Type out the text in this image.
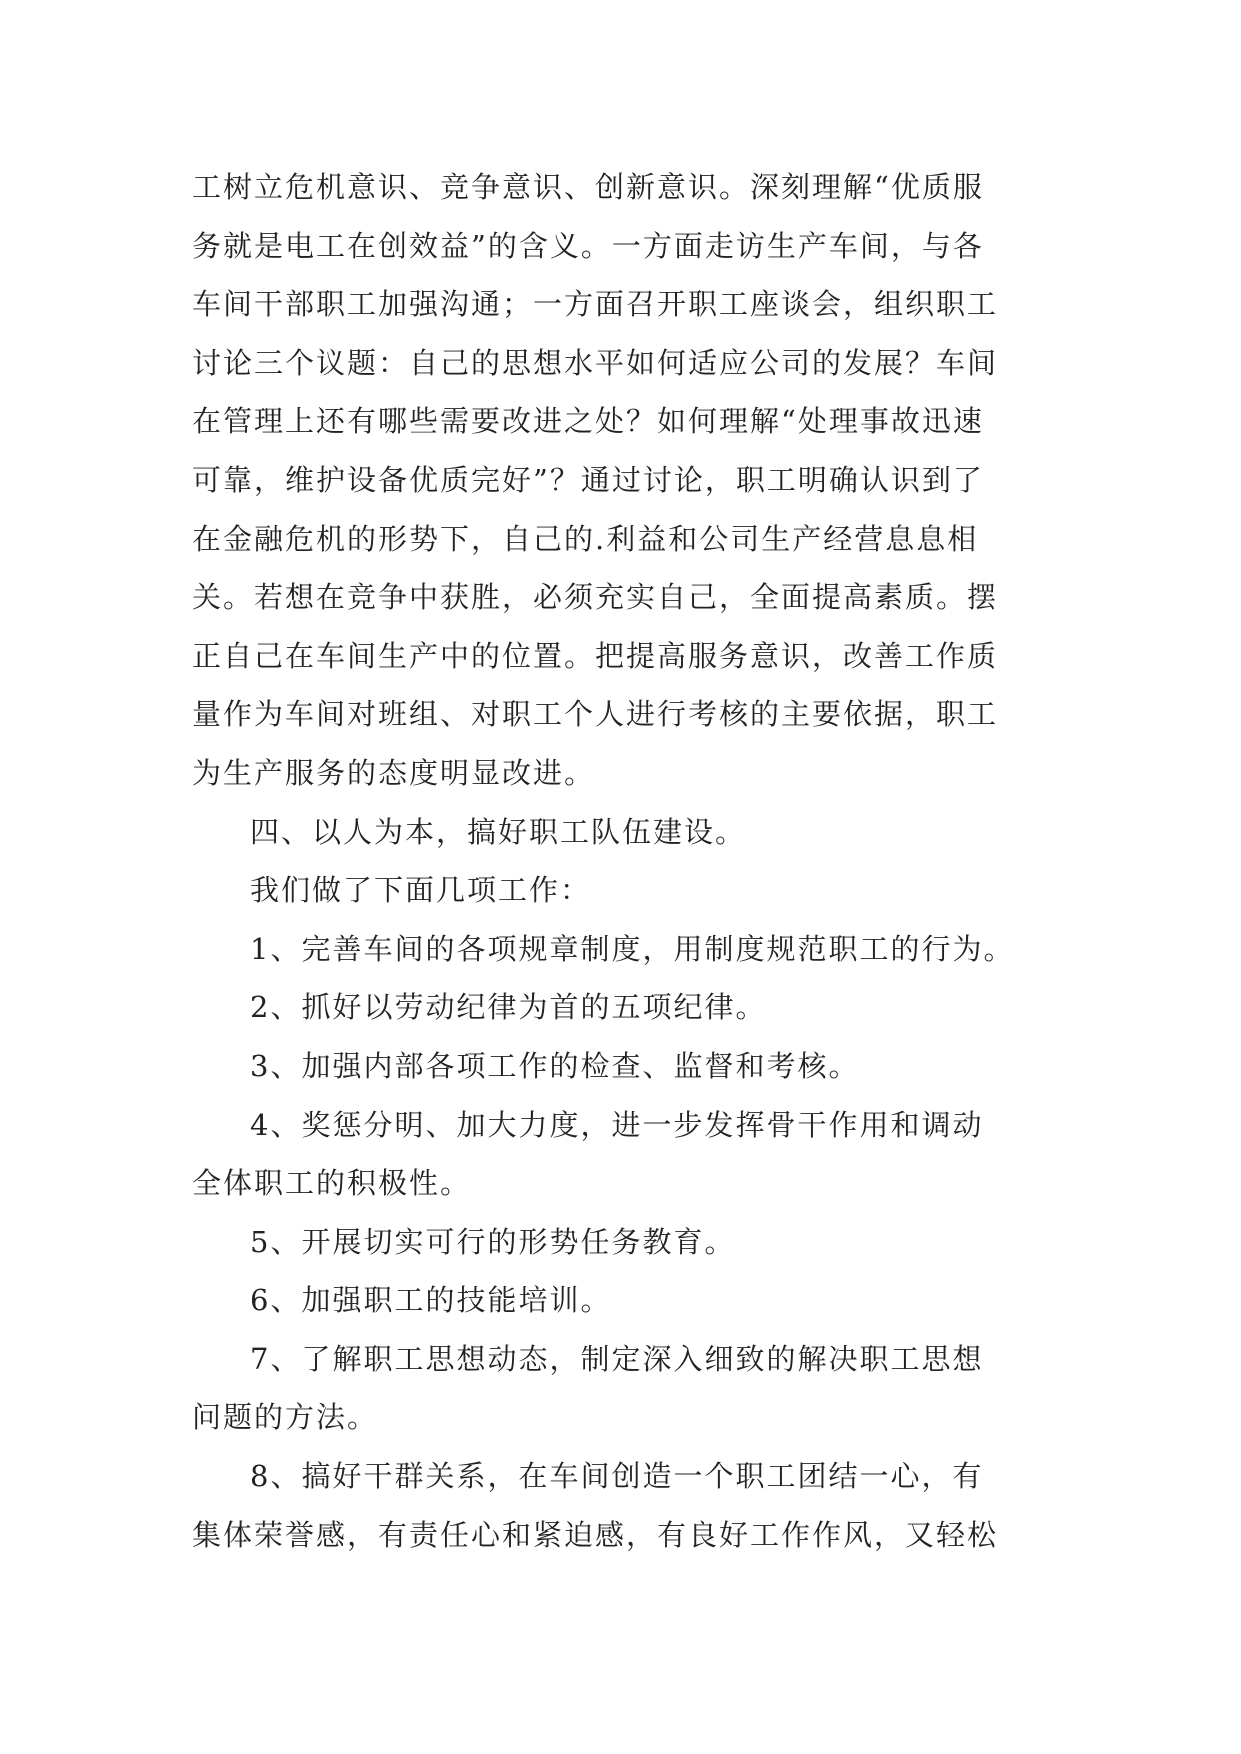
工树立危机意识、竞争意识、创新意识。深刻理解“优质服
务就是电工在创效益”的含义。一方面走访生产车间，与各
车间干部职工加强沟通；一方面召开职工座谈会，组织职工
讨论三个议题：自己的思想水平如何适应公司的发展？车间
在管理上还有哪些需要改进之处？如何理解“处理事故迅速
可靠，维护设备优质完好”？通过讨论，职工明确认识到了
在金融危机的形势下，自己的.利益和公司生产经营息息相
关。若想在竞争中获胜，必须充实自己，全面提高素质。摆
正自己在车间生产中的位置。把提高服务意识，改善工作质
量作为车间对班组、对职工个人进行考核的主要依据，职工
为生产服务的态度明显改进。
四、以人为本，搞好职工队伍建设。
我们做了下面几项工作：
1、完善车间的各项规章制度，用制度规范职工的行为。
2、抓好以劳动纪律为首的五项纪律。
3、加强内部各项工作的检查、监督和考核。
4、奖惩分明、加大力度，进一步发挥骨干作用和调动
全体职工的积极性。
5、开展切实可行的形势任务教育。
6、加强职工的技能培训。
7、了解职工思想动态，制定深入细致的解决职工思想
问题的方法。
8、搞好干群关系，在车间创造一个职工团结一心，有
集体荣誉感，有责任心和紧迫感，有良好工作作风，又轻松
